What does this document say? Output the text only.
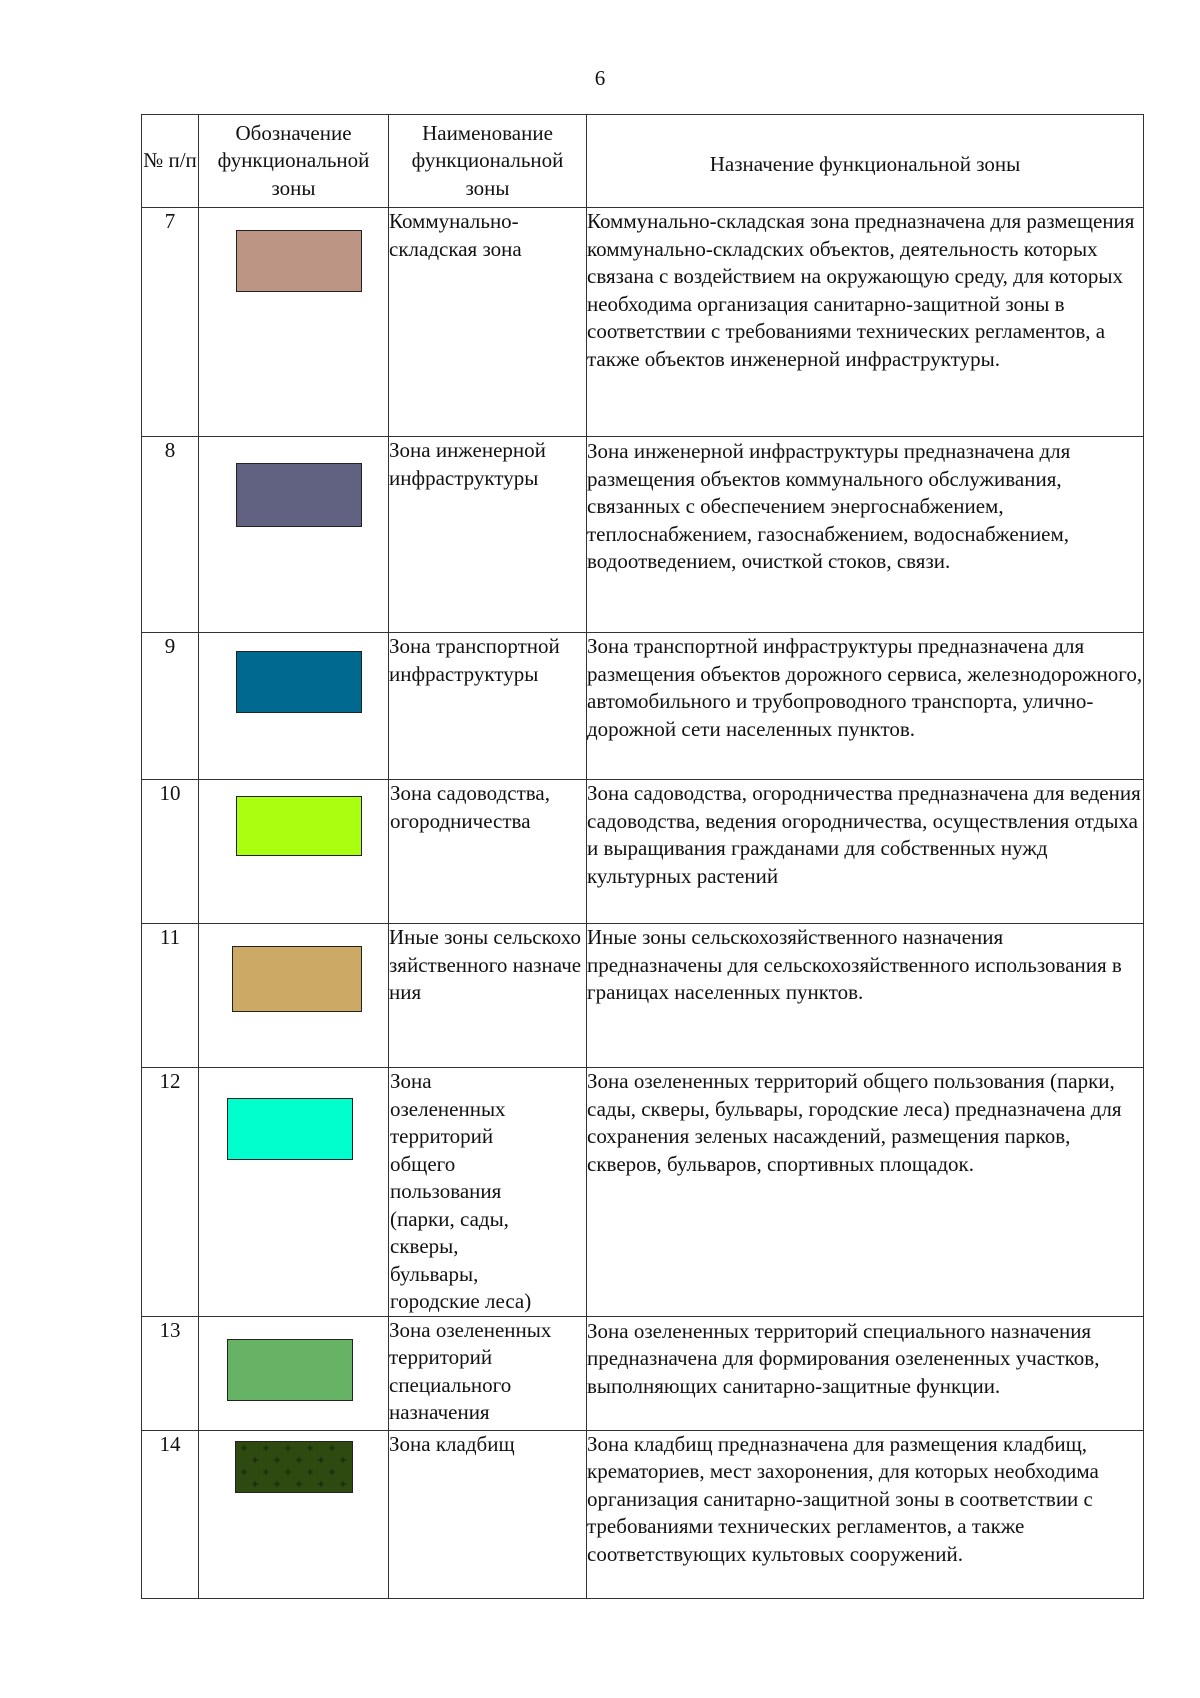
6
№ п/п	Обозначение функциональной зоны	Наименование функциональной зоны	Назначение функциональной зоны
7		Коммунально-складская зона	Коммунально-складская зона предназначена для размещения коммунально-складских объектов, деятельность которых связана с воздействием на окружающую среду, для которых необходима организация санитарно-защитной зоны в соответствии с требованиями технических регламентов, а также объектов инженерной инфраструктуры.
8		Зона инженерной инфраструктуры	Зона инженерной инфраструктуры предназначена для размещения объектов коммунального обслуживания, связанных с обеспечением энергоснабжением, теплоснабжением, газоснабжением, водоснабжением, водоотведением, очисткой стоков, связи.
9		Зона транспортной инфраструктуры	Зона транспортной инфраструктуры предназначена для размещения объектов дорожного сервиса, железнодорожного, автомобильного и трубопроводного транспорта, улично-дорожной сети населенных пунктов.
10		Зона садоводства, огородничества	Зона садоводства, огородничества предназначена для ведения садоводства, ведения огородничества, осуществления отдыха и выращивания гражданами для собственных нужд культурных растений
11		Иные зоны сельскохозяйственного назначения	Иные зоны сельскохозяйственного назначения предназначены для сельскохозяйственного использования в границах населенных пунктов.
12		Зона озелененных территорий общего пользования (парки, сады, скверы, бульвары, городские леса)	Зона озелененных территорий общего пользования (парки, сады, скверы, бульвары, городские леса) предназначена для сохранения зеленых насаждений, размещения парков, скверов, бульваров, спортивных площадок.
13		Зона озелененных территорий специального назначения	Зона озелененных территорий специального назначения предназначена для формирования озелененных участков, выполняющих санитарно-защитные функции.
14		Зона кладбищ	Зона кладбищ предназначена для размещения кладбищ, крематориев, мест захоронения, для которых необходима организация санитарно-защитной зоны в соответствии с требованиями технических регламентов, а также соответствующих культовых сооружений.
